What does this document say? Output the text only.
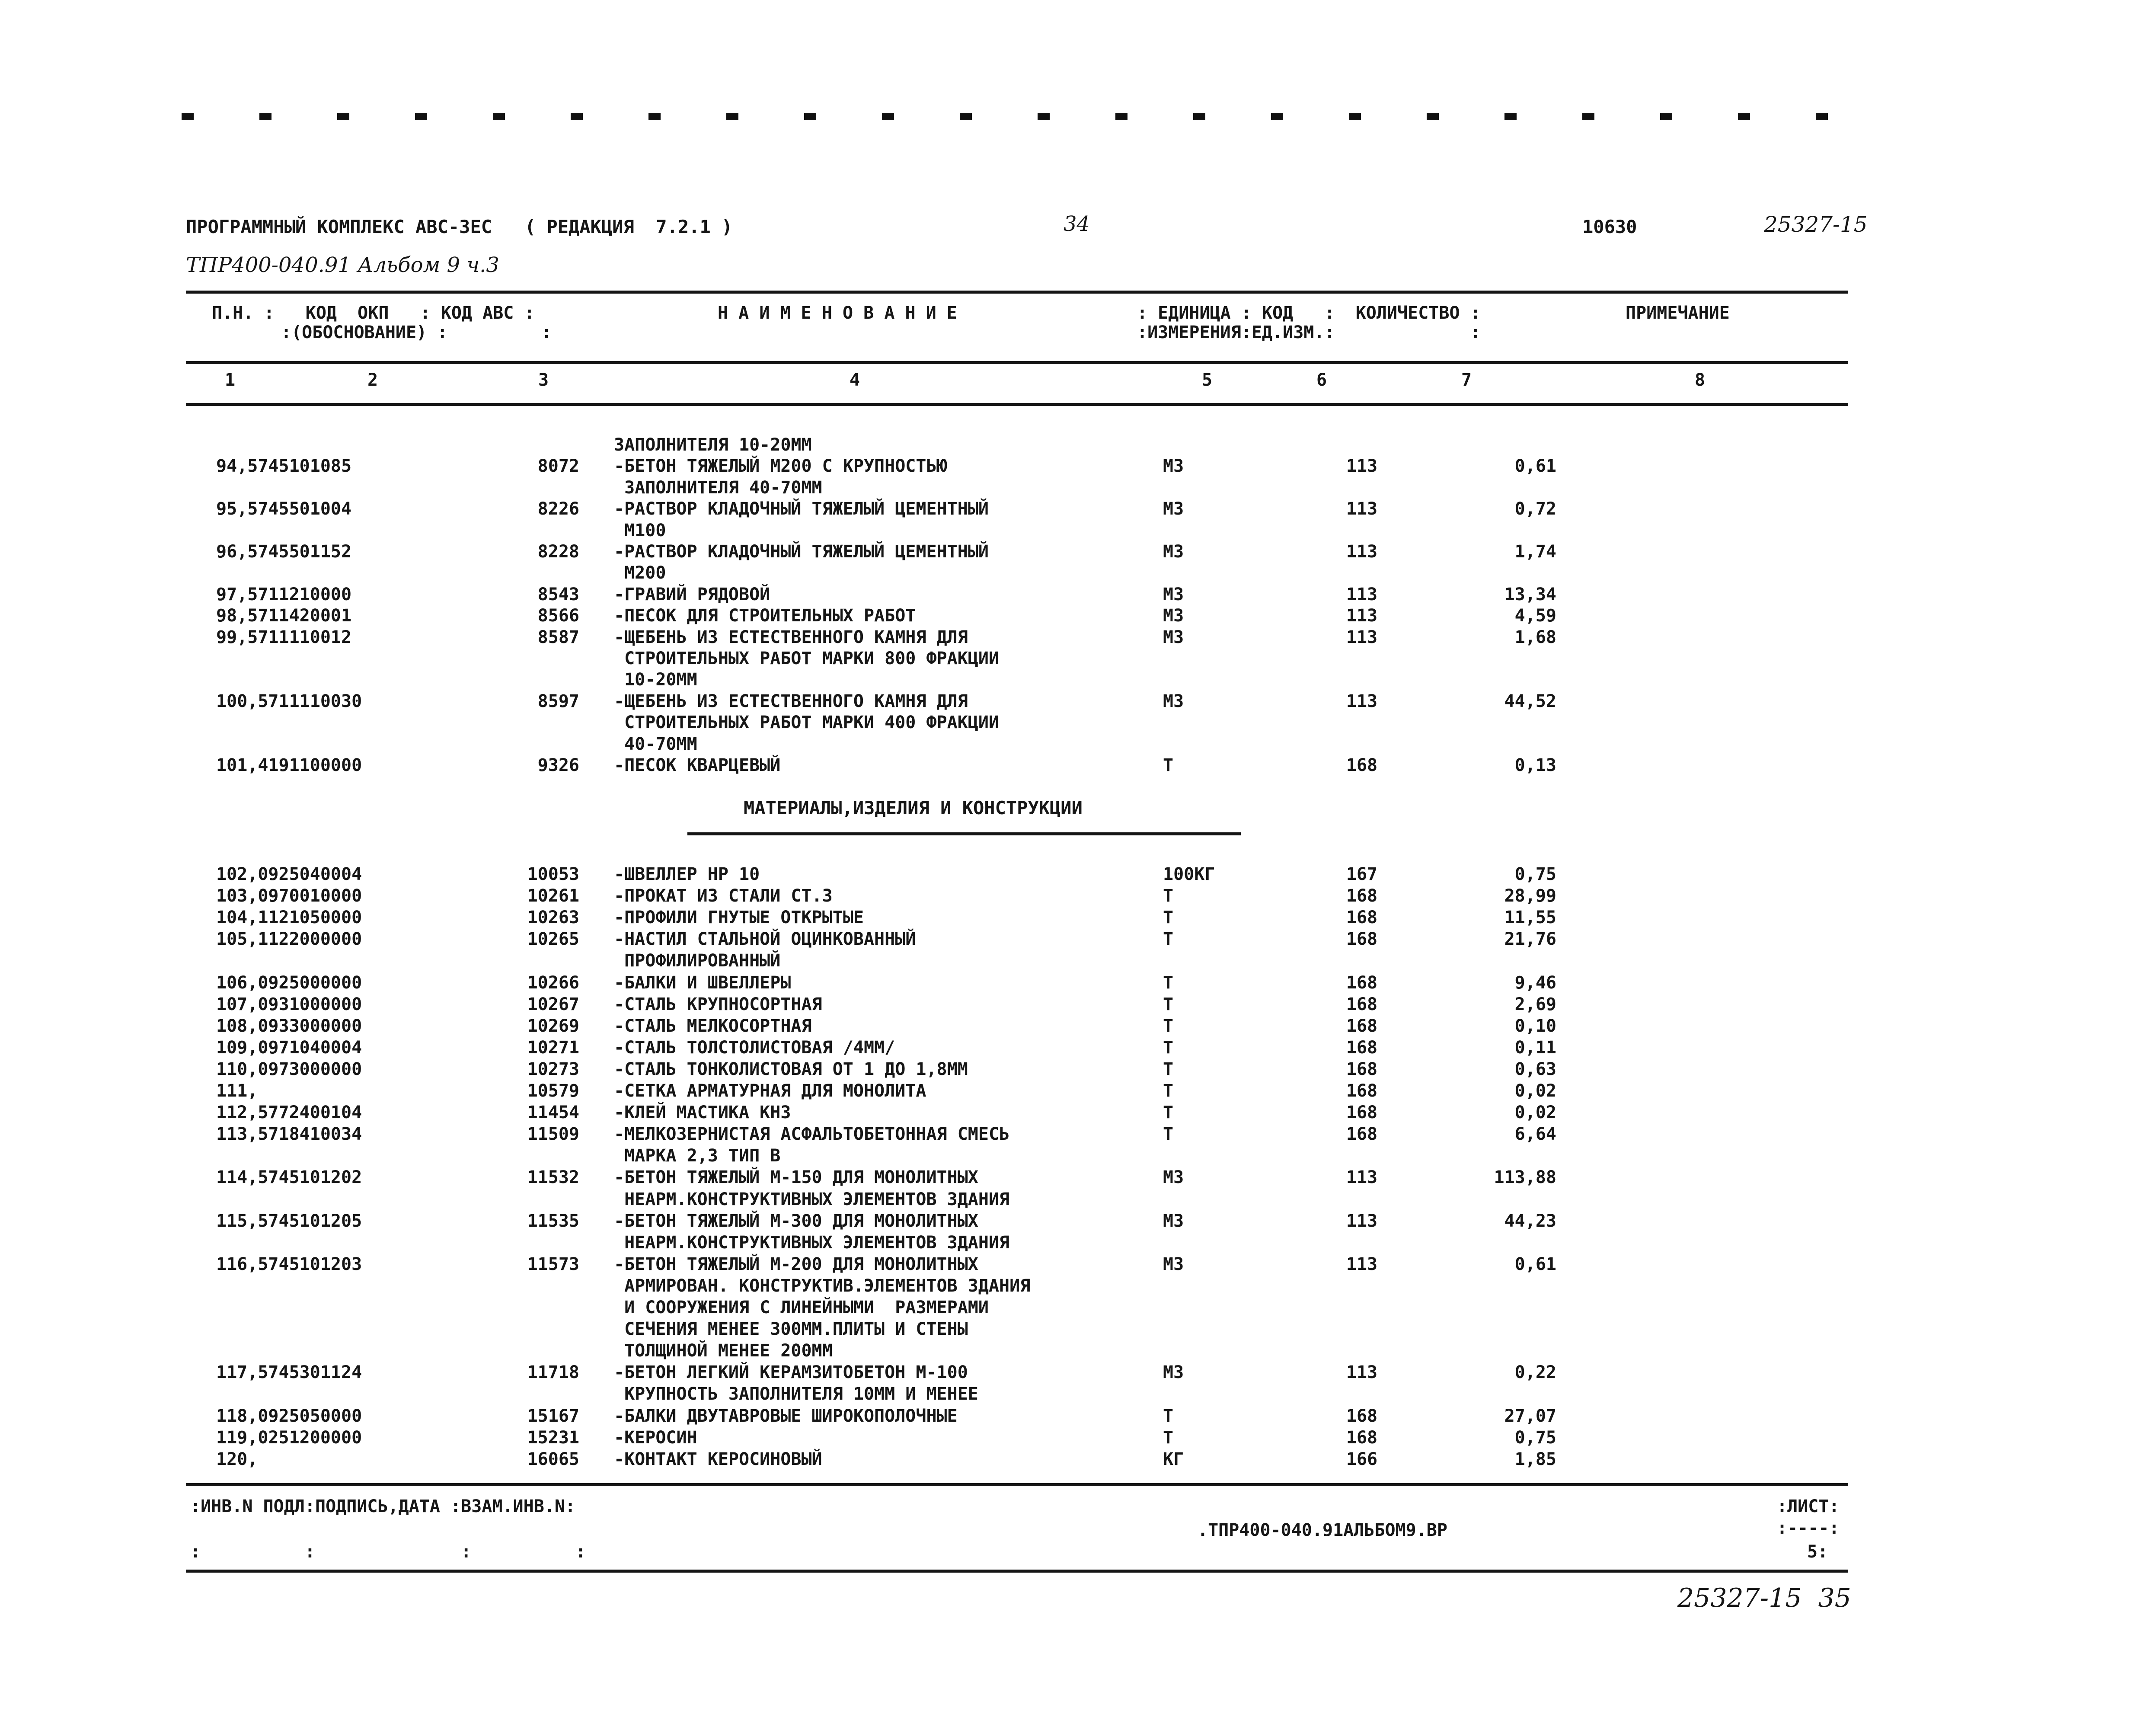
ПРОГРАММНЫЙ КОМПЛЕКС АВС-3ЕС   ( РЕДАКЦИЯ  7.2.1 )	34	10630	25327-15
ТПР400-040.91 Альбом 9 ч.3
П.Н. :   КОД  ОКП   : КОД АВС :
:(ОБОСНОВАНИЕ) :         :
Н А И М Е Н О В А Н И Е	: ЕДИНИЦА : КОД   :  КОЛИЧЕСТВО :
:ИЗМЕРЕНИЯ:ЕД.ИЗМ.:             :
ПРИМЕЧАНИЕ
1	2	3	4	5	6	7	8
ЗАПОЛНИТЕЛЯ 10-20ММ
94,5745101085	8072 -БЕТОН ТЯЖЕЛЫЙ М200 С КРУПНОСТЬЮ	М3	113	0,61
ЗАПОЛНИТЕЛЯ 40-70ММ
95,5745501004	8226 -РАСТВОР КЛАДОЧНЫЙ ТЯЖЕЛЫЙ ЦЕМЕНТНЫЙ	М3	113	0,72
М100
96,5745501152	8228 -РАСТВОР КЛАДОЧНЫЙ ТЯЖЕЛЫЙ ЦЕМЕНТНЫЙ	М3	113	1,74
М200
97,5711210000	8543 -ГРАВИЙ РЯДОВОЙ	М3	113	13,34
98,5711420001	8566 -ПЕСОК ДЛЯ СТРОИТЕЛЬНЫХ РАБОТ	М3	113	4,59
99,5711110012	8587 -ЩЕБЕНЬ ИЗ ЕСТЕСТВЕННОГО КАМНЯ ДЛЯ	М3	113	1,68
СТРОИТЕЛЬНЫХ РАБОТ МАРКИ 800 ФРАКЦИИ
10-20ММ
100,5711110030	8597 -ЩЕБЕНЬ ИЗ ЕСТЕСТВЕННОГО КАМНЯ ДЛЯ	М3	113	44,52
СТРОИТЕЛЬНЫХ РАБОТ МАРКИ 400 ФРАКЦИИ
40-70ММ
101,4191100000	9326 -ПЕСОК КВАРЦЕВЫЙ	Т	168	0,13
МАТЕРИАЛЫ,ИЗДЕЛИЯ И КОНСТРУКЦИИ
102,0925040004	10053 -ШВЕЛЛЕР НР 10	100КГ	167	0,75
103,0970010000	10261 -ПРОКАТ ИЗ СТАЛИ СТ.3	Т	168	28,99
104,1121050000	10263 -ПРОФИЛИ ГНУТЫЕ ОТКРЫТЫЕ	Т	168	11,55
105,1122000000	10265 -НАСТИЛ СТАЛЬНОЙ ОЦИНКОВАННЫЙ	Т	168	21,76
ПРОФИЛИРОВАННЫЙ
106,0925000000	10266 -БАЛКИ И ШВЕЛЛЕРЫ	Т	168	9,46
107,0931000000	10267 -СТАЛЬ КРУПНОСОРТНАЯ	Т	168	2,69
108,0933000000	10269 -СТАЛЬ МЕЛКОСОРТНАЯ	Т	168	0,10
109,0971040004	10271 -СТАЛЬ ТОЛСТОЛИСТОВАЯ /4ММ/	Т	168	0,11
110,0973000000	10273 -СТАЛЬ ТОНКОЛИСТОВАЯ ОТ 1 ДО 1,8ММ	Т	168	0,63
111,	10579 -СЕТКА АРМАТУРНАЯ ДЛЯ МОНОЛИТА	Т	168	0,02
112,5772400104	11454 -КЛЕЙ МАСТИКА КН3	Т	168	0,02
113,5718410034	11509 -МЕЛКОЗЕРНИСТАЯ АСФАЛЬТОБЕТОННАЯ СМЕСЬ	Т	168	6,64
МАРКА 2,3 ТИП В
114,5745101202	11532 -БЕТОН ТЯЖЕЛЫЙ М-150 ДЛЯ МОНОЛИТНЫХ	М3	113	113,88
НЕАРМ.КОНСТРУКТИВНЫХ ЭЛЕМЕНТОВ ЗДАНИЯ
115,5745101205	11535 -БЕТОН ТЯЖЕЛЫЙ М-300 ДЛЯ МОНОЛИТНЫХ	М3	113	44,23
НЕАРМ.КОНСТРУКТИВНЫХ ЭЛЕМЕНТОВ ЗДАНИЯ
116,5745101203	11573 -БЕТОН ТЯЖЕЛЫЙ М-200 ДЛЯ МОНОЛИТНЫХ	М3	113	0,61
АРМИРОВАН. КОНСТРУКТИВ.ЭЛЕМЕНТОВ ЗДАНИЯ
И СООРУЖЕНИЯ С ЛИНЕЙНЫМИ  РАЗМЕРАМИ
СЕЧЕНИЯ МЕНЕЕ 300ММ.ПЛИТЫ И СТЕНЫ
ТОЛЩИНОЙ МЕНЕЕ 200ММ
117,5745301124	11718 -БЕТОН ЛЕГКИЙ КЕРАМЗИТОБЕТОН М-100	М3	113	0,22
КРУПНОСТЬ ЗАПОЛНИТЕЛЯ 10ММ И МЕНЕЕ
118,0925050000	15167 -БАЛКИ ДВУТАВРОВЫЕ ШИРОКОПОЛОЧНЫЕ	Т	168	27,07
119,0251200000	15231 -КЕРОСИН	Т	168	0,75
120,	16065 -КОНТАКТ КЕРОСИНОВЫЙ	КГ	166	1,85
:ИНВ.N ПОДЛ:ПОДПИСЬ,ДАТА :ВЗАМ.ИНВ.N:
:          :              :          :
.ТПР400-040.91АЛЬБОМ9.ВР
:ЛИСТ:
:----:
5:
25327-15  35
